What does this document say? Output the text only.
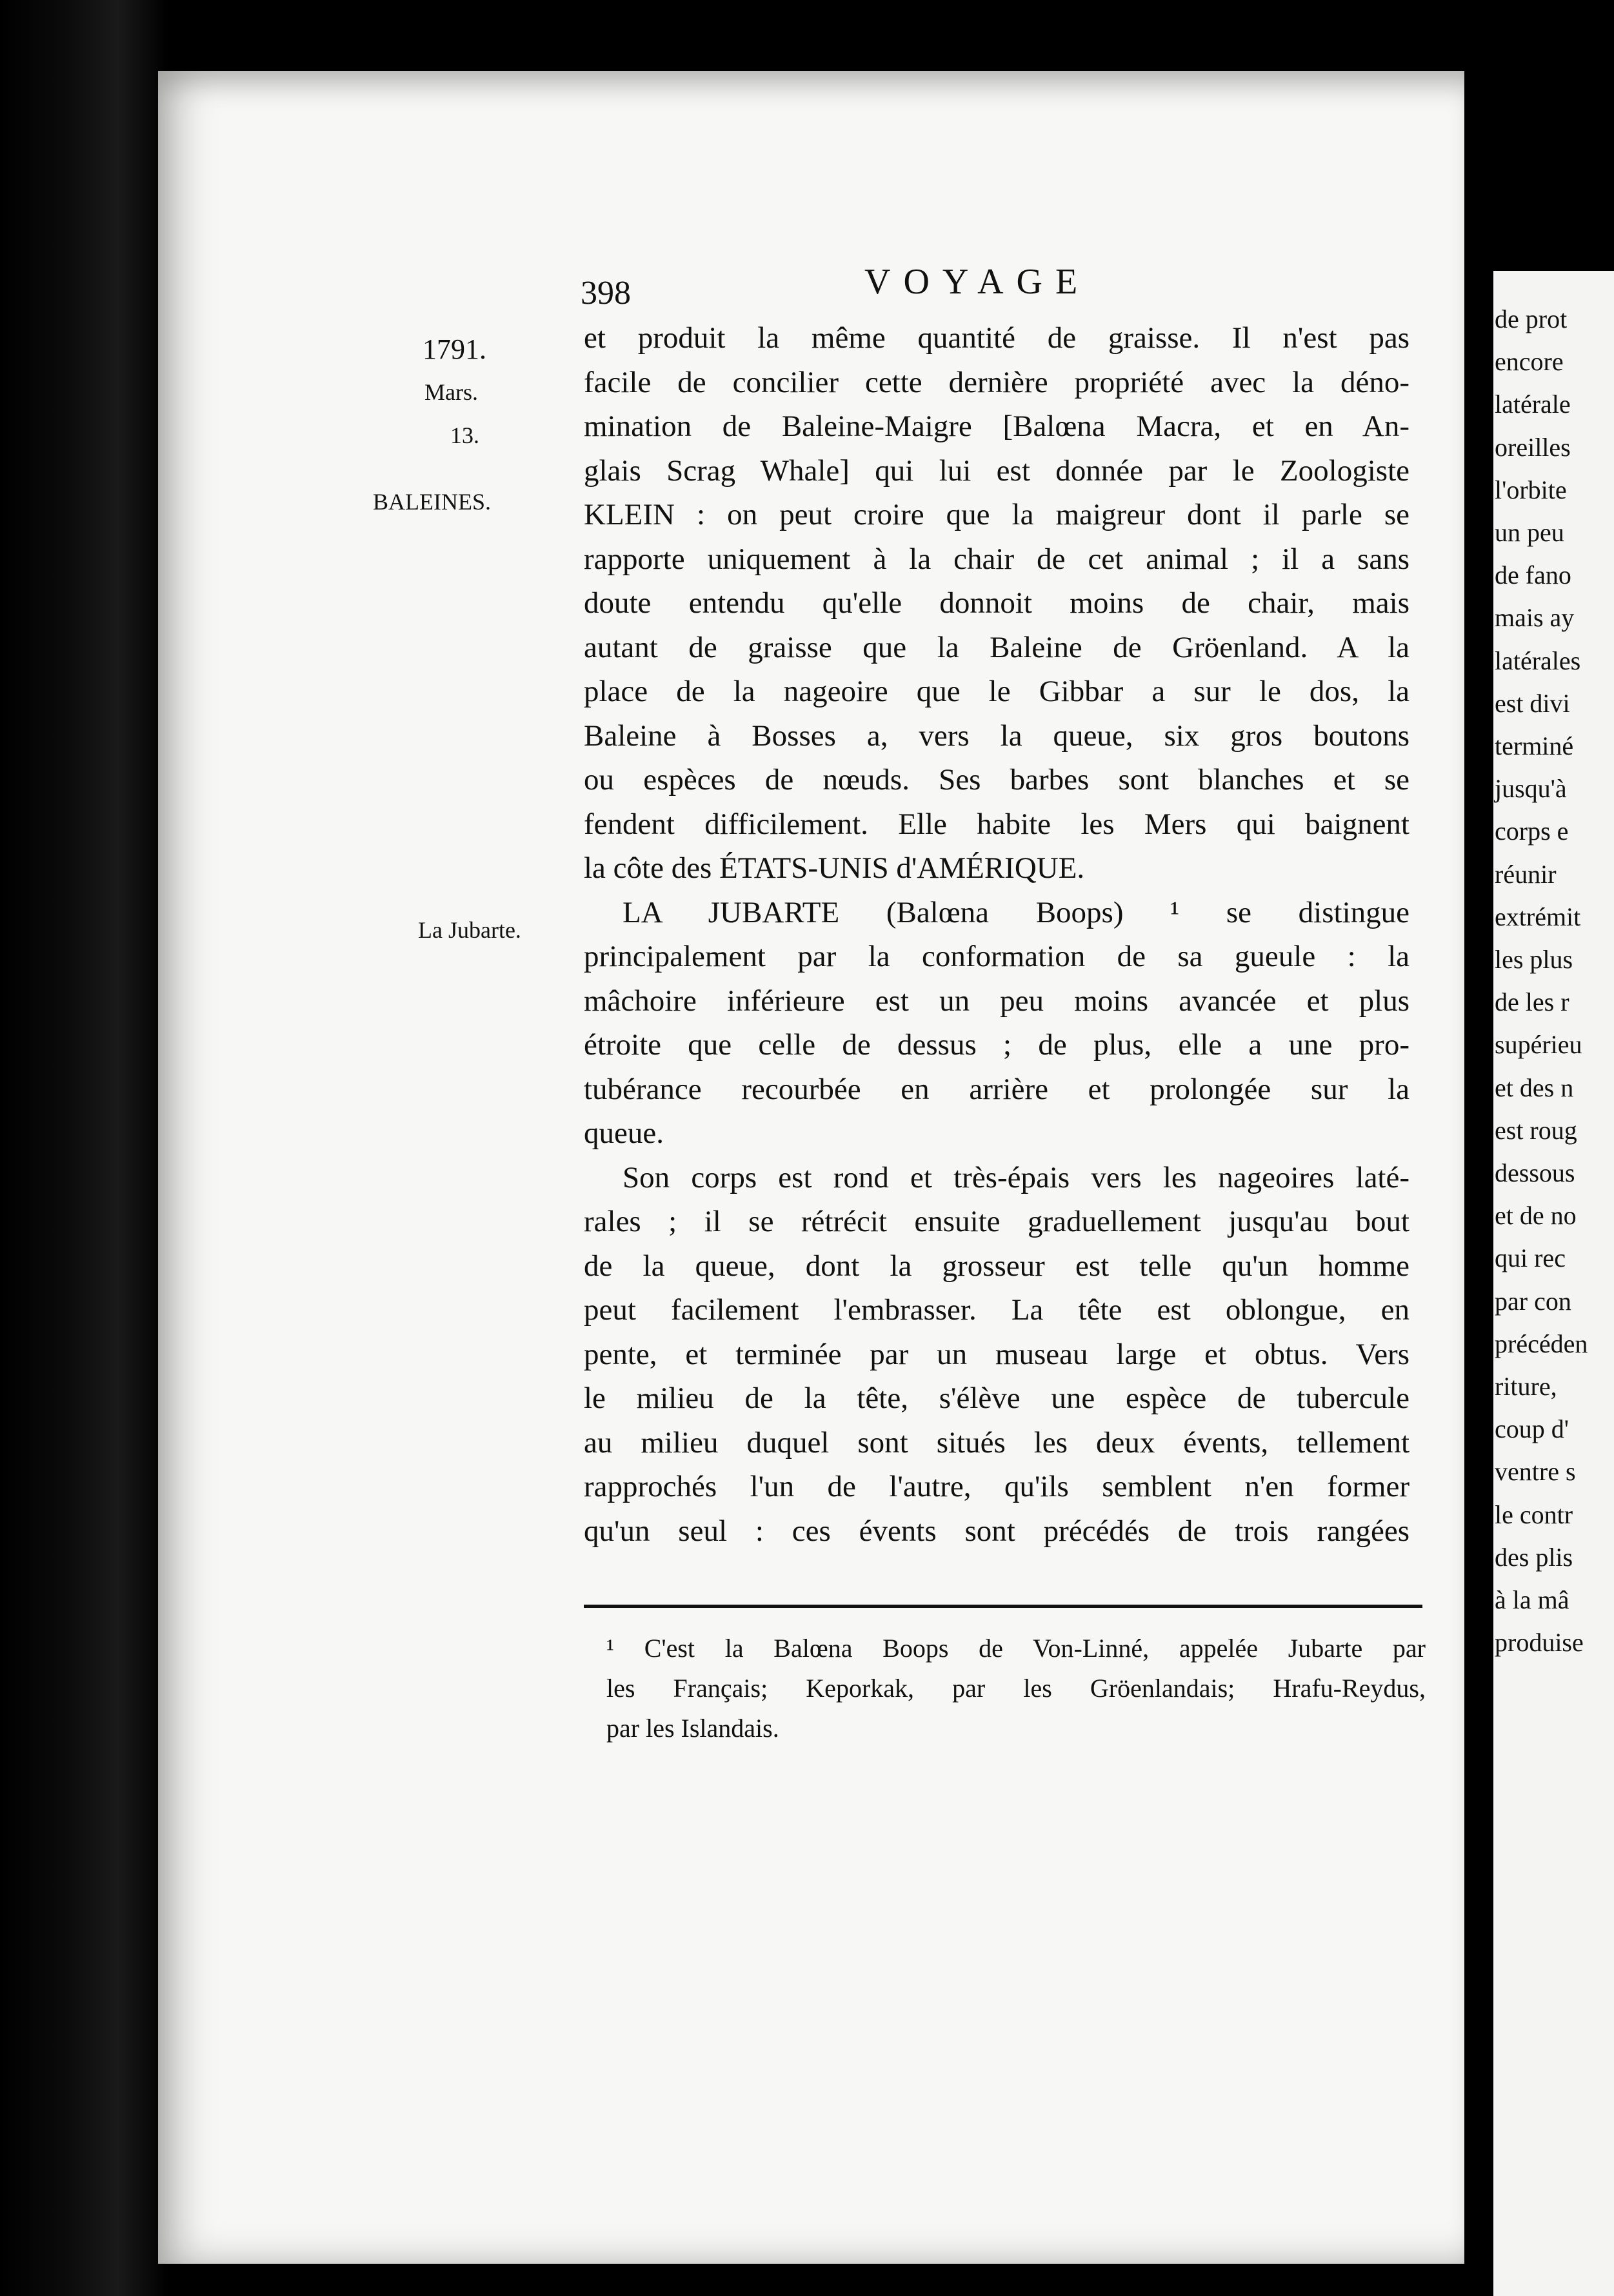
398	VOYAGE
1791.
Mars.
13.
BALEINES.
La Jubarte.
et produit la même quantité de graisse. Il n'est pas
facile de concilier cette dernière propriété avec la déno-
mination de Baleine-Maigre [Balœna Macra, et en An-
glais Scrag Whale] qui lui est donnée par le Zoologiste
KLEIN : on peut croire que la maigreur dont il parle se
rapporte uniquement à la chair de cet animal ; il a sans
doute entendu qu'elle donnoit moins de chair, mais
autant de graisse que la Baleine de Gröenland. A la
place de la nageoire que le Gibbar a sur le dos, la
Baleine à Bosses a, vers la queue, six gros boutons
ou espèces de nœuds. Ses barbes sont blanches et se
fendent difficilement. Elle habite les Mers qui baignent
la côte des ÉTATS-UNIS d'AMÉRIQUE.
LA JUBARTE (Balœna Boops) ¹ se distingue
principalement par la conformation de sa gueule : la
mâchoire inférieure est un peu moins avancée et plus
étroite que celle de dessus ; de plus, elle a une pro-
tubérance recourbée en arrière et prolongée sur la
queue.
Son corps est rond et très-épais vers les nageoires laté-
rales ; il se rétrécit ensuite graduellement jusqu'au bout
de la queue, dont la grosseur est telle qu'un homme
peut facilement l'embrasser. La tête est oblongue, en
pente, et terminée par un museau large et obtus. Vers
le milieu de la tête, s'élève une espèce de tubercule
au milieu duquel sont situés les deux évents, tellement
rapprochés l'un de l'autre, qu'ils semblent n'en former
qu'un seul : ces évents sont précédés de trois rangées
¹ C'est la Balœna Boops de Von-Linné, appelée Jubarte par
les Français; Keporkak, par les Gröenlandais; Hrafu-Reydus,
par les Islandais.
de prot
encore
latérale
oreilles
l'orbite
un peu
de fano
mais ay
latérales
est divi
terminé
jusqu'à
corps e
réunir
extrémit
les plus
de les r
supérieu
et des n
est roug
dessous
et de no
qui rec
par con
précéden
riture,
coup d'
ventre s
le contr
des plis
à la mâ
produise
